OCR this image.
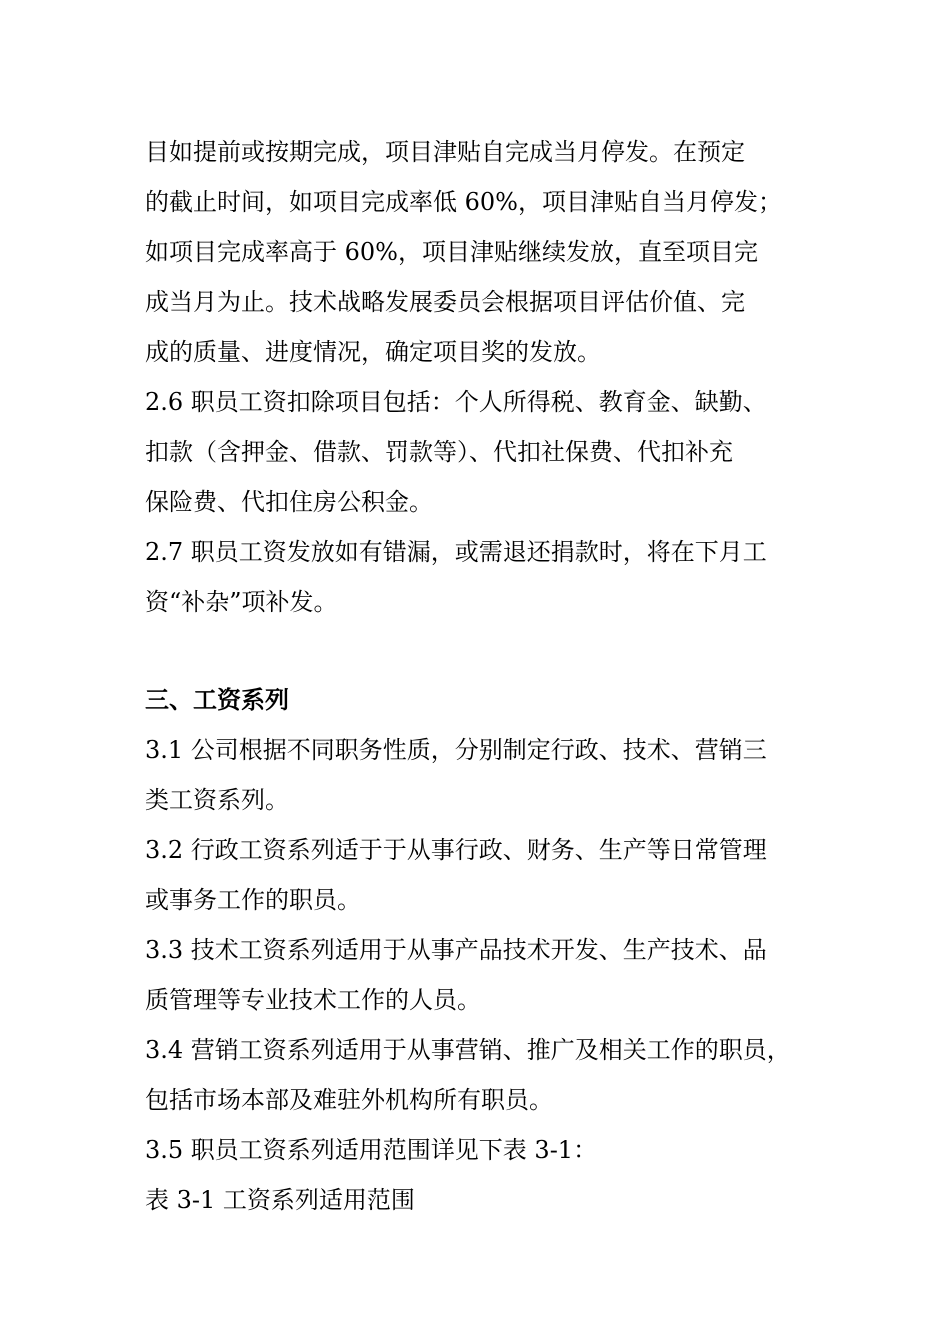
目如提前或按期完成，项目津贴自完成当月停发。在预定
的截止时间，如项目完成率低 60%，项目津贴自当月停发；
如项目完成率高于 60%，项目津贴继续发放，直至项目完
成当月为止。技术战略发展委员会根据项目评估价值、完
成的质量、进度情况，确定项目奖的发放。
2.6 职员工资扣除项目包括：个人所得税、教育金、缺勤、
扣款（含押金、借款、罚款等）、代扣社保费、代扣补充
保险费、代扣住房公积金。
2.7 职员工资发放如有错漏，或需退还捐款时，将在下月工
资“补杂”项补发。
三、工资系列
3.1 公司根据不同职务性质，分别制定行政、技术、营销三
类工资系列。
3.2 行政工资系列适于于从事行政、财务、生产等日常管理
或事务工作的职员。
3.3 技术工资系列适用于从事产品技术开发、生产技术、品
质管理等专业技术工作的人员。
3.4 营销工资系列适用于从事营销、推广及相关工作的职员，
包括市场本部及难驻外机构所有职员。
3.5 职员工资系列适用范围详见下表 3-1：
表 3-1 工资系列适用范围
